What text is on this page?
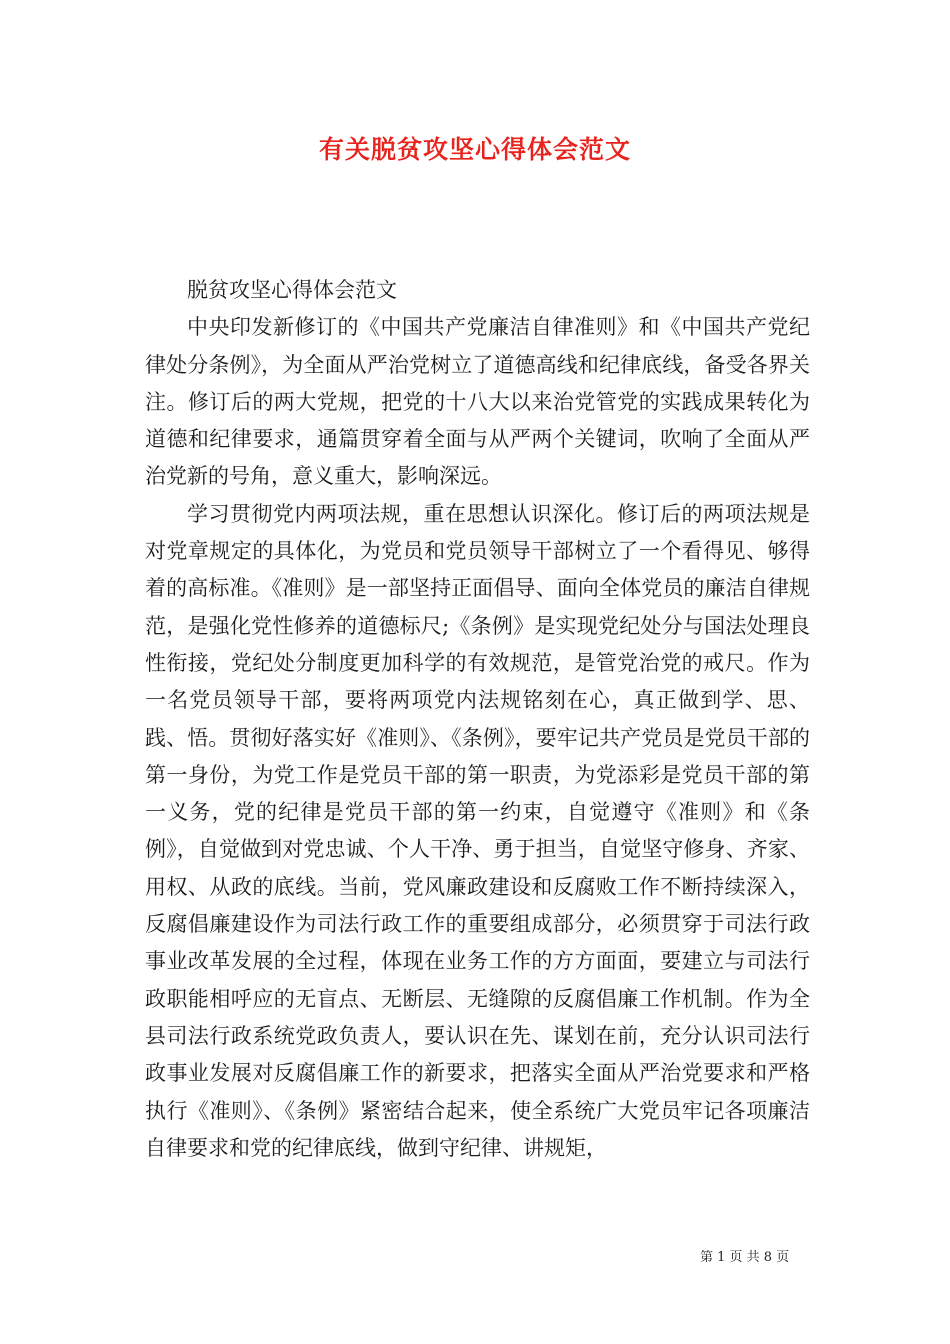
有关脱贫攻坚心得体会范文

脱贫攻坚心得体会范文

中央印发新修订的《中国共产党廉洁自律准则》和《中国共产党纪律处分条例》，为全面从严治党树立了道德高线和纪律底线，备受各界关注。修订后的两大党规，把党的十八大以来治党管党的实践成果转化为道德和纪律要求，通篇贯穿着全面与从严两个关键词，吹响了全面从严治党新的号角，意义重大，影响深远。

学习贯彻党内两项法规，重在思想认识深化。修订后的两项法规是对党章规定的具体化，为党员和党员领导干部树立了一个看得见、够得着的高标准。《准则》是一部坚持正面倡导、面向全体党员的廉洁自律规范，是强化党性修养的道德标尺;《条例》是实现党纪处分与国法处理良性衔接，党纪处分制度更加科学的有效规范，是管党治党的戒尺。作为一名党员领导干部，要将两项党内法规铭刻在心，真正做到学、思、践、悟。贯彻好落实好《准则》、《条例》，要牢记共产党员是党员干部的第一身份，为党工作是党员干部的第一职责，为党添彩是党员干部的第一义务，党的纪律是党员干部的第一约束，自觉遵守《准则》和《条例》，自觉做到对党忠诚、个人干净、勇于担当，自觉坚守修身、齐家、用权、从政的底线。当前，党风廉政建设和反腐败工作不断持续深入，反腐倡廉建设作为司法行政工作的重要组成部分，必须贯穿于司法行政事业改革发展的全过程，体现在业务工作的方方面面，要建立与司法行政职能相呼应的无盲点、无断层、无缝隙的反腐倡廉工作机制。作为全县司法行政系统党政负责人，要认识在先、谋划在前，充分认识司法行政事业发展对反腐倡廉工作的新要求，把落实全面从严治党要求和严格执行《准则》、《条例》紧密结合起来，使全系统广大党员牢记各项廉洁自律要求和党的纪律底线，做到守纪律、讲规矩，

第 1 页 共 8 页
